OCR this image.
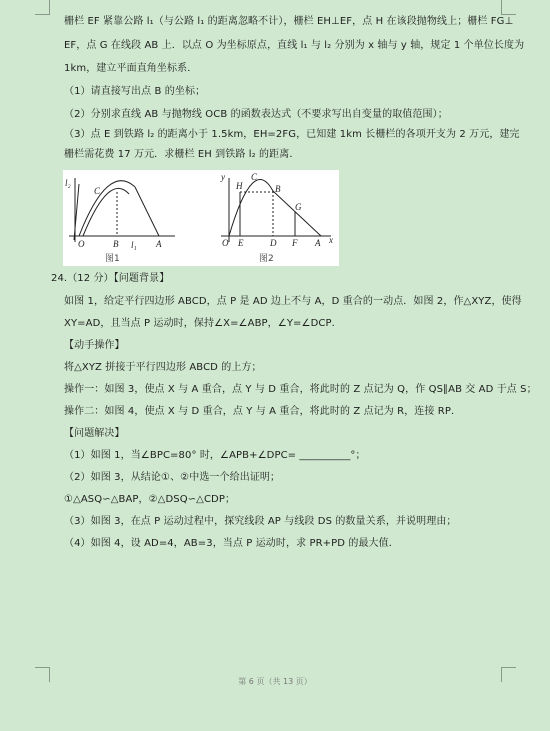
栅栏 EF 紧靠公路 l₁（与公路 l₁ 的距离忽略不计），栅栏 EH⊥EF，点 H 在该段抛物线上；栅栏 FG⊥
EF，点 G 在线段 AB 上．以点 O 为坐标原点，直线 l₁ 与 l₂ 分别为 x 轴与 y 轴，规定 1 个单位长度为
1km，建立平面直角坐标系．
（1）请直接写出点 B 的坐标；
（2）分别求直线 AB 与抛物线 OCB 的函数表达式（不要求写出自变量的取值范围）；
（3）点 E 到铁路 l₂ 的距离小于 1.5km，EH=2FG，已知建 1km 长栅栏的各项开支为 2 万元，建完
栅栏需花费 17 万元．求栅栏 EH 到铁路 l₂ 的距离．
l₂
C
O	B l₁ A
y
H
C
B
G
O E	D F A x
图1	图2
24.（12 分）【问题背景】
如图 1，给定平行四边形 ABCD，点 P 是 AD 边上不与 A，D 重合的一动点．如图 2，作△XYZ，使得
XY=AD，且当点 P 运动时，保持∠X=∠ABP，∠Y=∠DCP．
【动手操作】
将△XYZ 拼接于平行四边形 ABCD 的上方；
操作一：如图 3，使点 X 与 A 重合，点 Y 与 D 重合，将此时的 Z 点记为 Q，作 QS∥AB 交 AD 于点 S；
操作二：如图 4，使点 X 与 D 重合，点 Y 与 A 重合，将此时的 Z 点记为 R，连接 RP．
【问题解决】
（1）如图 1，当∠BPC=80° 时，∠APB+∠DPC= __________°；
（2）如图 3，从结论①、②中选一个给出证明；
①△ASQ∽△BAP，②△DSQ∽△CDP；
（3）如图 3，在点 P 运动过程中，探究线段 AP 与线段 DS 的数量关系，并说明理由；
（4）如图 4，设 AD=4，AB=3，当点 P 运动时，求 PR+PD 的最大值．
第 6 页（共 13 页）
